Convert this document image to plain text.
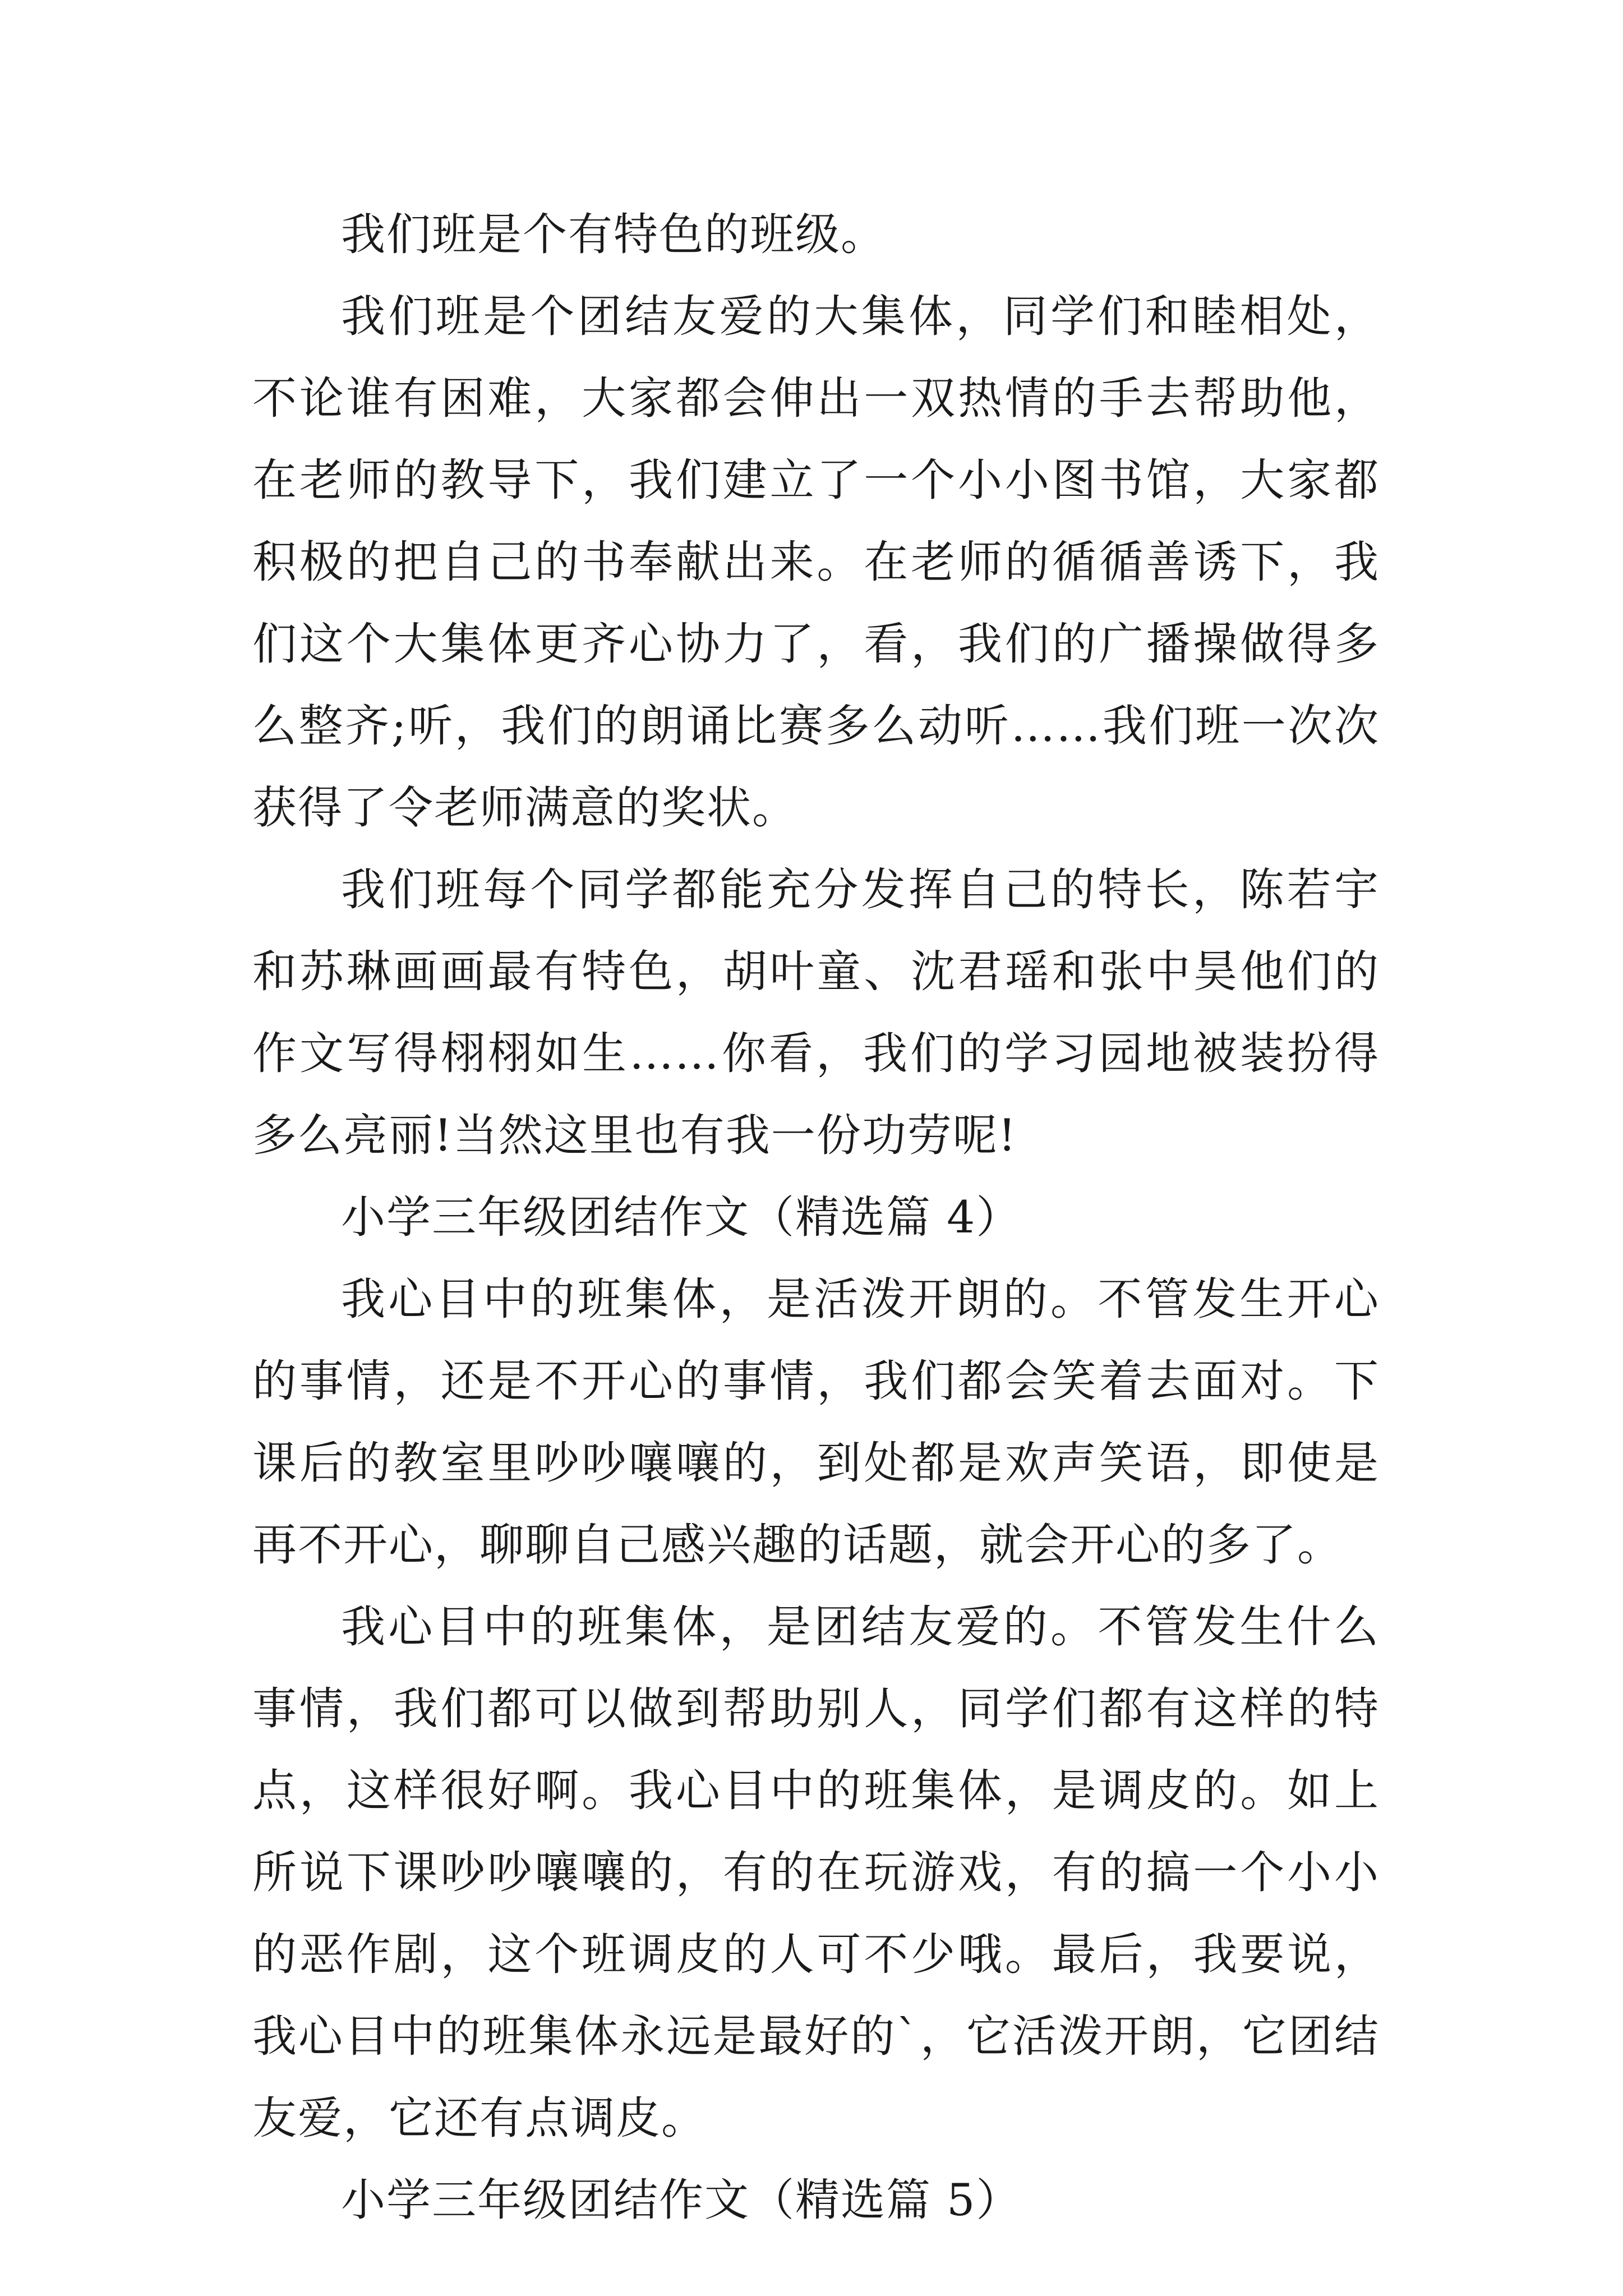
我们班是个有特色的班级。

我们班是个团结友爱的大集体，同学们和睦相处，不论谁有困难，大家都会伸出一双热情的手去帮助他，在老师的教导下，我们建立了一个小小图书馆，大家都积极的把自己的书奉献出来。在老师的循循善诱下，我们这个大集体更齐心协力了，看，我们的广播操做得多么整齐;听，我们的朗诵比赛多么动听……我们班一次次获得了令老师满意的奖状。

我们班每个同学都能充分发挥自己的特长，陈若宇和苏琳画画最有特色，胡叶童、沈君瑶和张中昊他们的作文写得栩栩如生……你看，我们的学习园地被装扮得多么亮丽!当然这里也有我一份功劳呢!

小学三年级团结作文（精选篇 4）

我心目中的班集体，是活泼开朗的。不管发生开心的事情，还是不开心的事情，我们都会笑着去面对。下课后的教室里吵吵嚷嚷的，到处都是欢声笑语，即使是再不开心，聊聊自己感兴趣的话题，就会开心的多了。

我心目中的班集体，是团结友爱的。不管发生什么事情，我们都可以做到帮助别人，同学们都有这样的特点，这样很好啊。我心目中的班集体，是调皮的。如上所说下课吵吵嚷嚷的，有的在玩游戏，有的搞一个小小的恶作剧，这个班调皮的人可不少哦。最后，我要说，我心目中的班集体永远是最好的`，它活泼开朗，它团结友爱，它还有点调皮。

小学三年级团结作文（精选篇 5）
